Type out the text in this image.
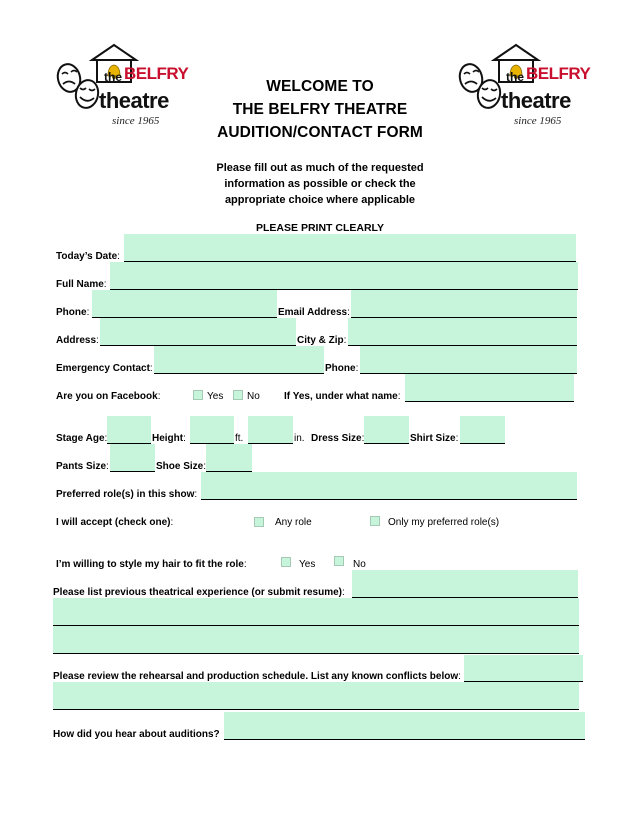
the BELFRY
theatre
since 1965
the BELFRY
theatre
since 1965
WELCOME TO
THE BELFRY THEATRE
AUDITION/CONTACT FORM
Please fill out as much of the requested
information as possible or check the
appropriate choice where applicable
PLEASE PRINT CLEARLY
Today’s Date:
Full Name:
Phone:	Email Address:
Address:	City & Zip:
Emergency Contact:	Phone:
Are you on Facebook:	Yes No If Yes, under what name:
Stage Age:	Height:	ft.	in. Dress Size:	Shirt Size:
Pants Size:	Shoe Size:
Preferred role(s) in this show:
I will accept (check one):	Any role	Only my preferred role(s)
I’m willing to style my hair to fit the role:	Yes	No
Please list previous theatrical experience (or submit resume):
Please review the rehearsal and production schedule. List any known conflicts below:
How did you hear about auditions?
